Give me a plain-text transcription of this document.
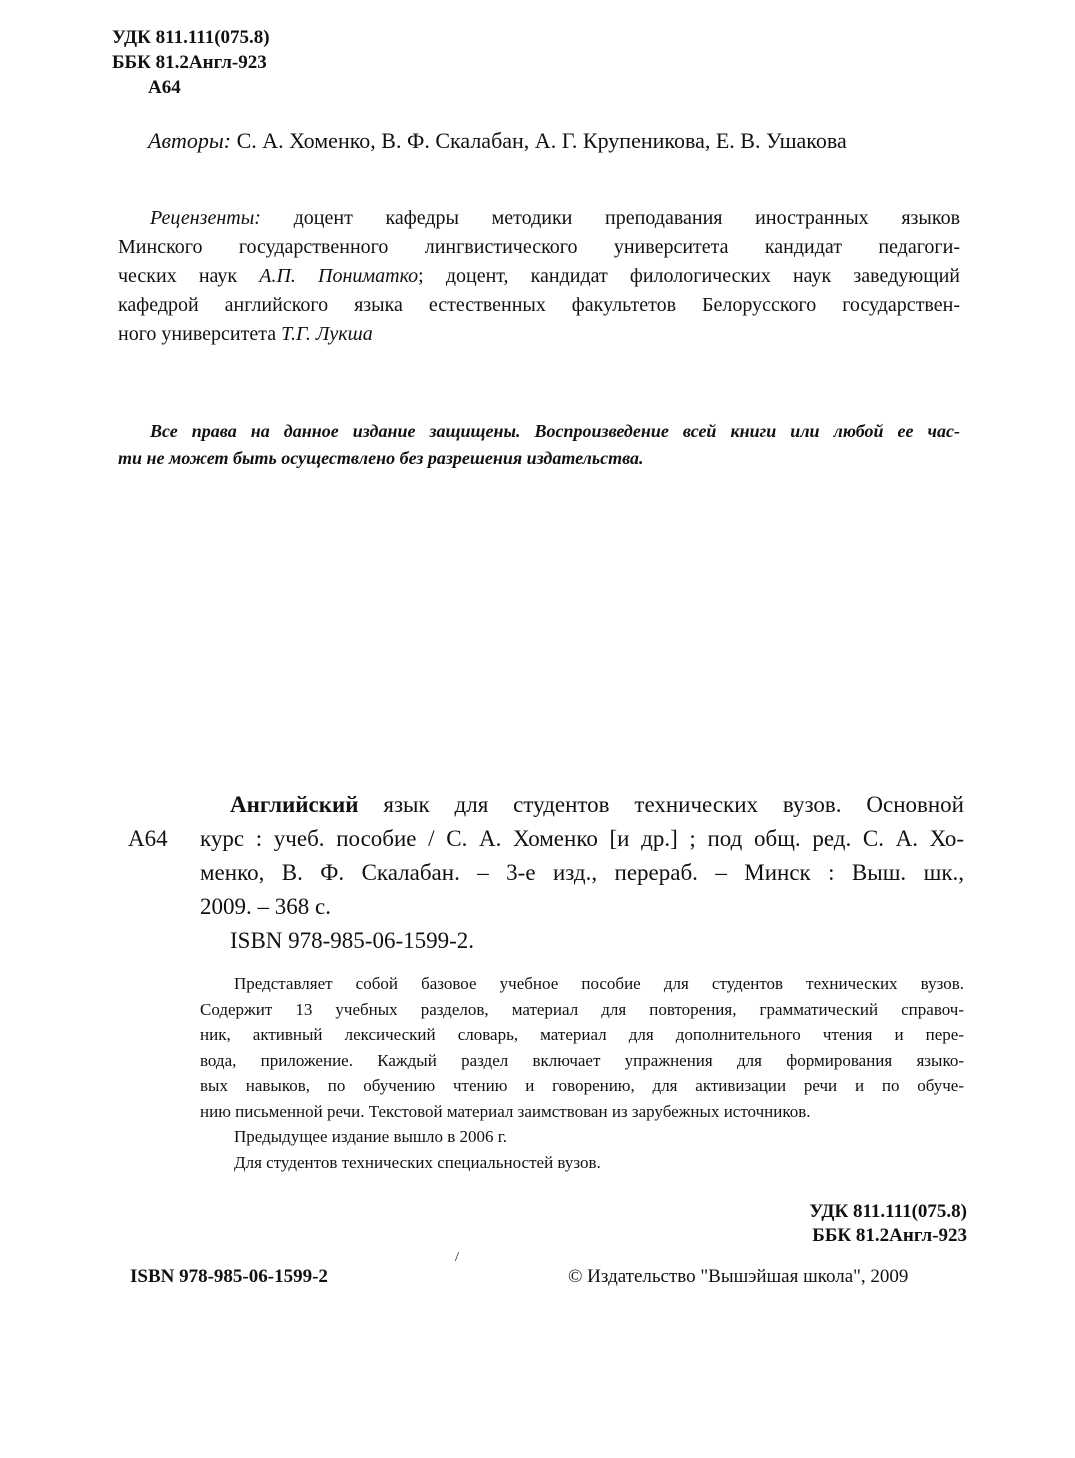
УДК 811.111(075.8)
ББК 81.2Англ-923
А64

Авторы: С. А. Хоменко, В. Ф. Скалабан, А. Г. Крупеникова, Е. В. Ушакова

Рецензенты: доцент кафедры методики преподавания иностранных языков
Минского государственного лингвистического университета кандидат педагоги-
ческих наук А.П. Пониматко; доцент, кандидат филологических наук заведующий
кафедрой английского языка естественных факультетов Белорусского государствен-
ного университета Т.Г. Лукша
Все права на данное издание защищены. Воспроизведение всей книги или любой ее час-
ти не может быть осуществлено без разрешения издательства.
А64
Английский язык для студентов технических вузов. Основной
курс : учеб. пособие / С. А. Хоменко [и др.] ; под общ. ред. С. А. Хо-
менко, В. Ф. Скалабан. – 3-е изд., перераб. – Минск : Выш. шк.,
2009. – 368 с.
ISBN 978-985-06-1599-2.
Представляет собой базовое учебное пособие для студентов технических вузов.
Содержит 13 учебных разделов, материал для повторения, грамматический справоч-
ник, активный лексический словарь, материал для дополнительного чтения и пере-
вода, приложение. Каждый раздел включает упражнения для формирования языко-
вых навыков, по обучению чтению и говорению, для активизации речи и по обуче-
нию письменной речи. Текстовой материал заимствован из зарубежных источников.
Предыдущее издание вышло в 2006 г.
Для студентов технических специальностей вузов.
УДК 811.111(075.8)
ББК 81.2Англ-923
/
ISBN 978-985-06-1599-2	© Издательство "Вышэйшая школа", 2009
